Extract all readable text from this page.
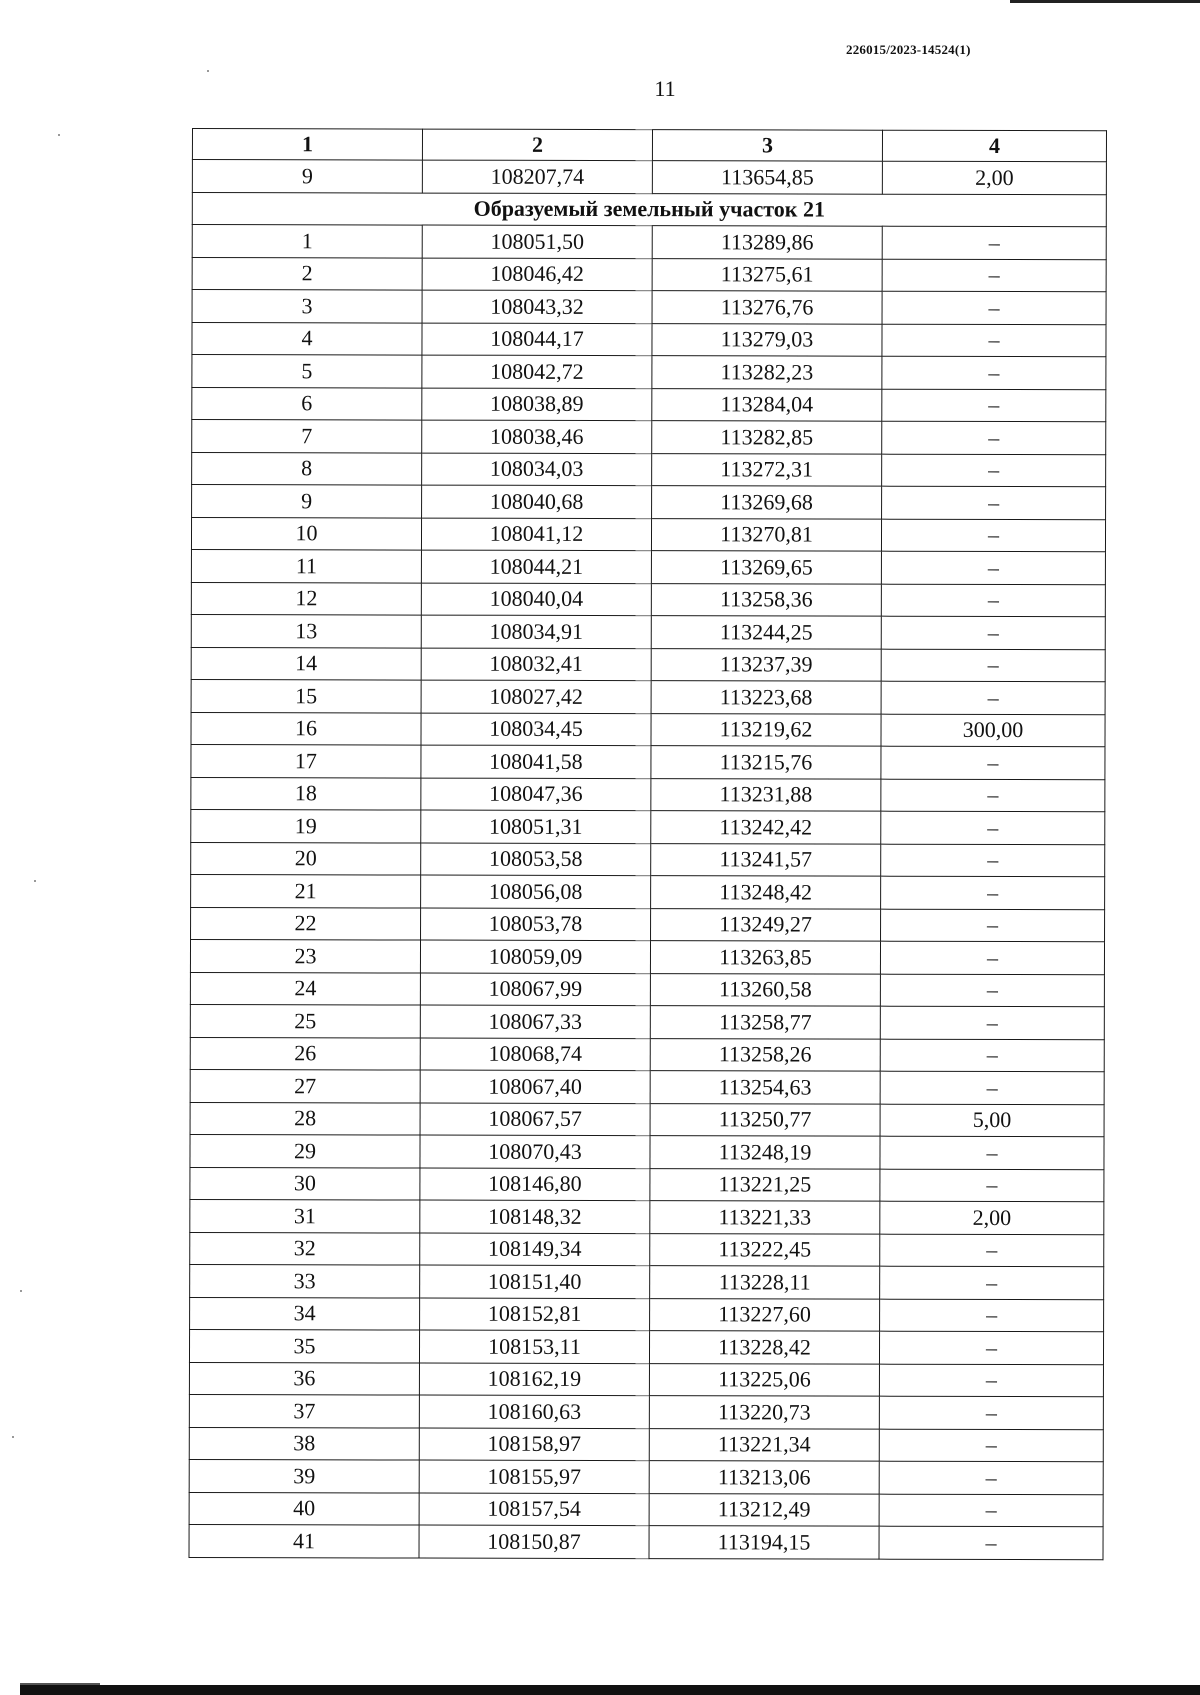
226015/2023-14524(1)
11
1	2	3	4
9	108207,74	113654,85	2,00
Образуемый земельный участок 21			
1	108051,50	113289,86	–
2	108046,42	113275,61	–
3	108043,32	113276,76	–
4	108044,17	113279,03	–
5	108042,72	113282,23	–
6	108038,89	113284,04	–
7	108038,46	113282,85	–
8	108034,03	113272,31	–
9	108040,68	113269,68	–
10	108041,12	113270,81	–
11	108044,21	113269,65	–
12	108040,04	113258,36	–
13	108034,91	113244,25	–
14	108032,41	113237,39	–
15	108027,42	113223,68	–
16	108034,45	113219,62	300,00
17	108041,58	113215,76	–
18	108047,36	113231,88	–
19	108051,31	113242,42	–
20	108053,58	113241,57	–
21	108056,08	113248,42	–
22	108053,78	113249,27	–
23	108059,09	113263,85	–
24	108067,99	113260,58	–
25	108067,33	113258,77	–
26	108068,74	113258,26	–
27	108067,40	113254,63	–
28	108067,57	113250,77	5,00
29	108070,43	113248,19	–
30	108146,80	113221,25	–
31	108148,32	113221,33	2,00
32	108149,34	113222,45	–
33	108151,40	113228,11	–
34	108152,81	113227,60	–
35	108153,11	113228,42	–
36	108162,19	113225,06	–
37	108160,63	113220,73	–
38	108158,97	113221,34	–
39	108155,97	113213,06	–
40	108157,54	113212,49	–
41	108150,87	113194,15	–
